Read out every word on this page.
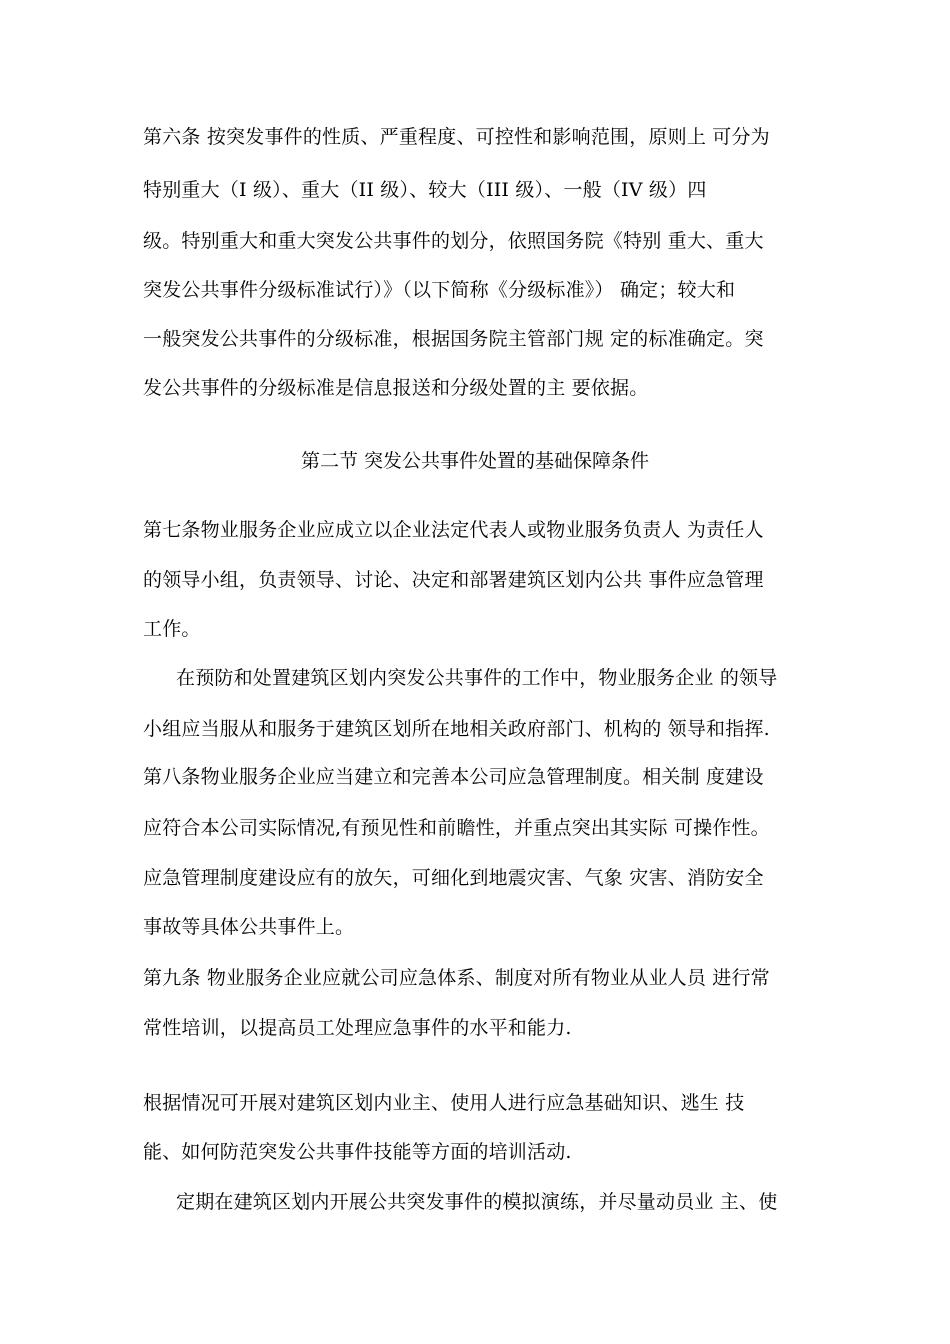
第六条 按突发事件的性质、严重程度、可控性和影响范围，原则上 可分为
特别重大（I 级）、重大（II 级）、较大（III 级）、一般（IV 级）四
级。特别重大和重大突发公共事件的划分，依照国务院《特别 重大、重大
突发公共事件分级标准试行）》（以下简称《分级标准》） 确定；较大和
一般突发公共事件的分级标准，根据国务院主管部门规 定的标准确定。突
发公共事件的分级标准是信息报送和分级处置的主 要依据。
第二节 突发公共事件处置的基础保障条件
第七条物业服务企业应成立以企业法定代表人或物业服务负责人 为责任人
的领导小组，负责领导、讨论、决定和部署建筑区划内公共 事件应急管理
工作。
在预防和处置建筑区划内突发公共事件的工作中，物业服务企业 的领导
小组应当服从和服务于建筑区划所在地相关政府部门、机构的 领导和指挥.
第八条物业服务企业应当建立和完善本公司应急管理制度。相关制 度建设
应符合本公司实际情况,有预见性和前瞻性，并重点突出其实际 可操作性。
应急管理制度建设应有的放矢，可细化到地震灾害、气象 灾害、消防安全
事故等具体公共事件上。
第九条 物业服务企业应就公司应急体系、制度对所有物业从业人员 进行常
常性培训，以提高员工处理应急事件的水平和能力.
根据情况可开展对建筑区划内业主、使用人进行应急基础知识、逃生 技
能、如何防范突发公共事件技能等方面的培训活动.
定期在建筑区划内开展公共突发事件的模拟演练，并尽量动员业 主、使
